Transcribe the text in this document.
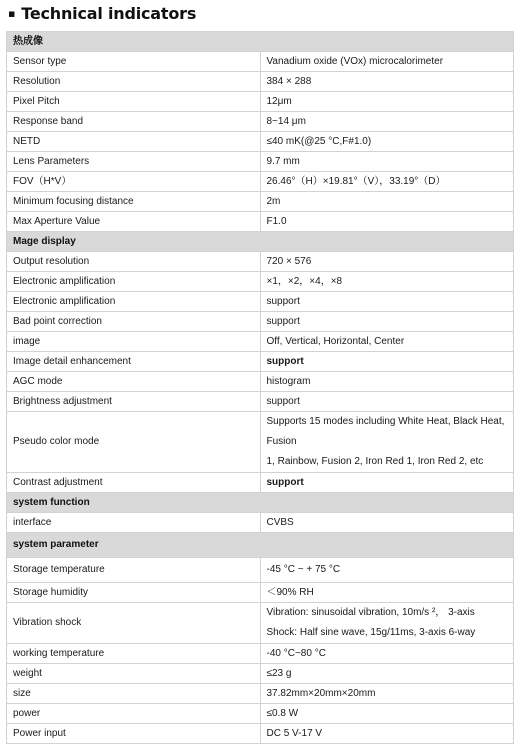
▪ Technical indicators
热成像	
Sensor type	Vanadium oxide (VOx) microcalorimeter
Resolution	384 × 288
Pixel Pitch	12μm
Response band	8~14 μm
NETD	≤40 mK(@25 °C,F#1.0)
Lens Parameters	9.7 mm
FOV（H*V）	26.46°（H）×19.81°（V），33.19°（D）
Minimum focusing distance	2m
Max Aperture Value	F1.0
Mage display	
Output resolution	720 × 576
Electronic amplification	×1，×2，×4，×8
Electronic amplification	support
Bad point correction	support
image	Off, Vertical, Horizontal, Center
Image detail enhancement	support
AGC mode	histogram
Brightness adjustment	support
Pseudo color mode	Supports 15 modes including White Heat, Black Heat, Fusion
1, Rainbow, Fusion 2, Iron Red 1, Iron Red 2, etc

Contrast adjustment	support
system function	
interface	CVBS
system parameter	
Storage temperature	-45 °C ~ + 75 °C
Storage humidity	＜90% RH
Vibration shock	Vibration: sinusoidal vibration, 10m/s ²， 3-axis
Shock: Half sine wave, 15g/11ms, 3-axis 6-way

working temperature	-40 °C~80 °C
weight	≤23 g
size	37.82mm×20mm×20mm
power	≤0.8 W
Power input	DC 5 V-17 V
